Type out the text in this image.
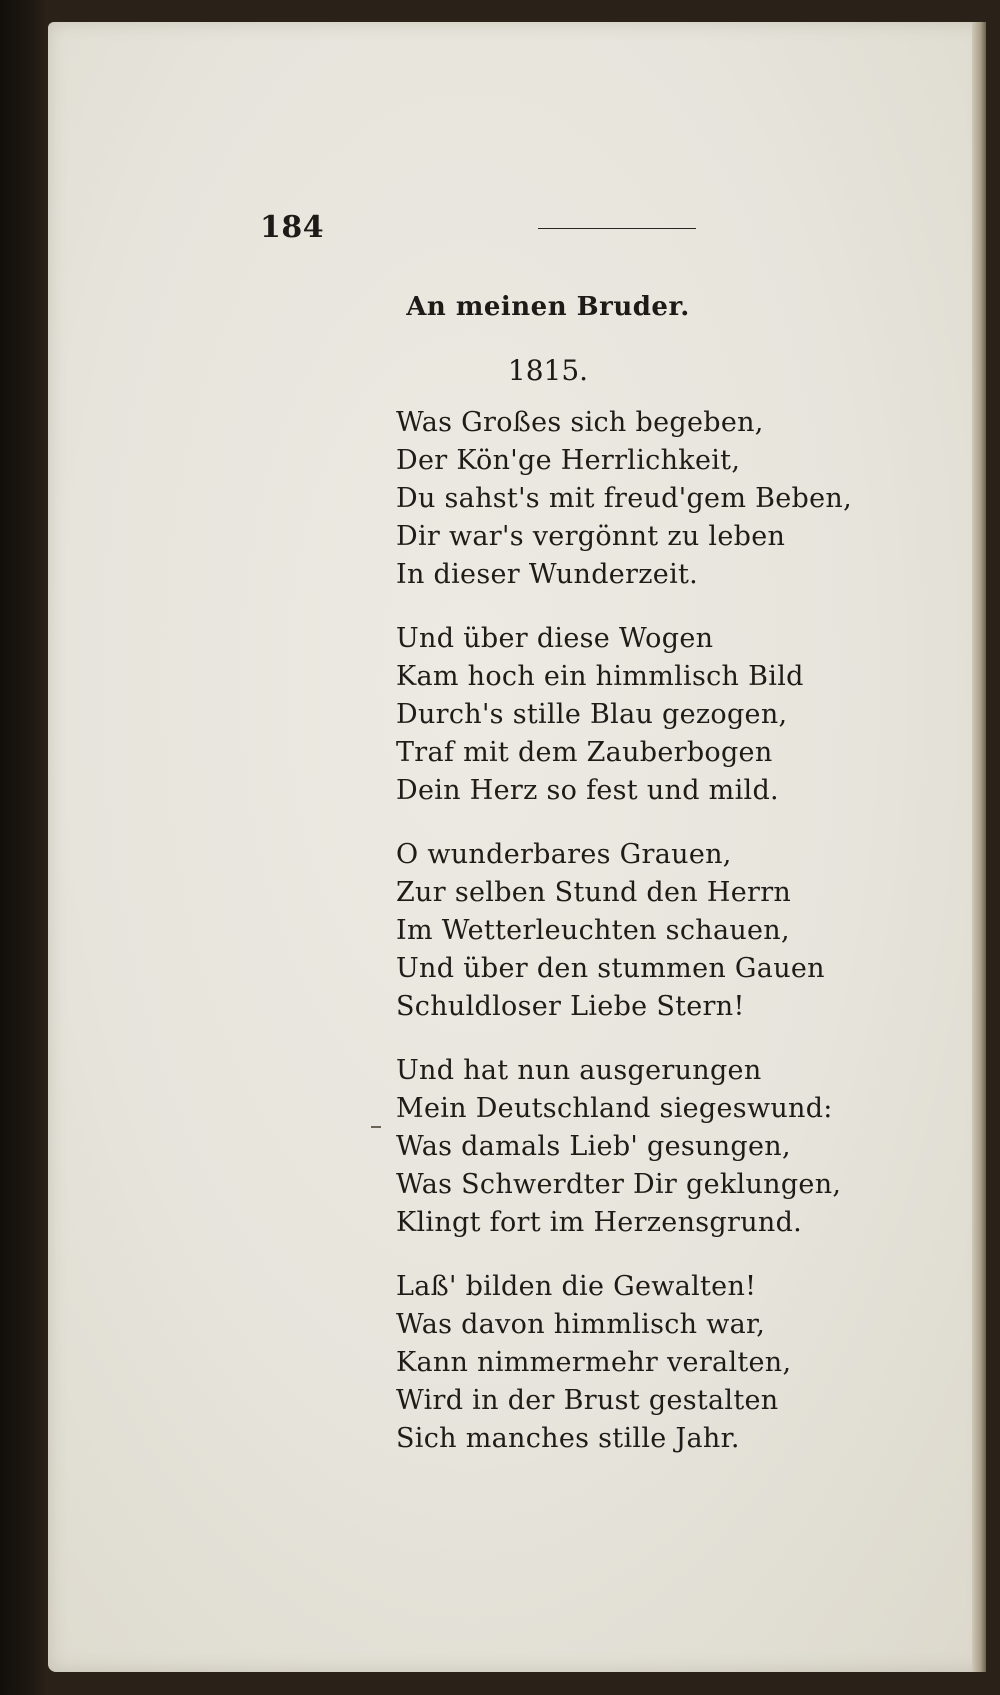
184
An meinen Bruder.
1815.
Was Großes sich begeben,
Der Kön'ge Herrlichkeit,
Du sahst's mit freud'gem Beben,
Dir war's vergönnt zu leben
In dieser Wunderzeit.
Und über diese Wogen
Kam hoch ein himmlisch Bild
Durch's stille Blau gezogen,
Traf mit dem Zauberbogen
Dein Herz so fest und mild.
O wunderbares Grauen,
Zur selben Stund den Herrn
Im Wetterleuchten schauen,
Und über den stummen Gauen
Schuldloser Liebe Stern!
Und hat nun ausgerungen
Mein Deutschland siegeswund:
Was damals Lieb' gesungen,
Was Schwerdter Dir geklungen,
Klingt fort im Herzensgrund.
Laß' bilden die Gewalten!
Was davon himmlisch war,
Kann nimmermehr veralten,
Wird in der Brust gestalten
Sich manches stille Jahr.
